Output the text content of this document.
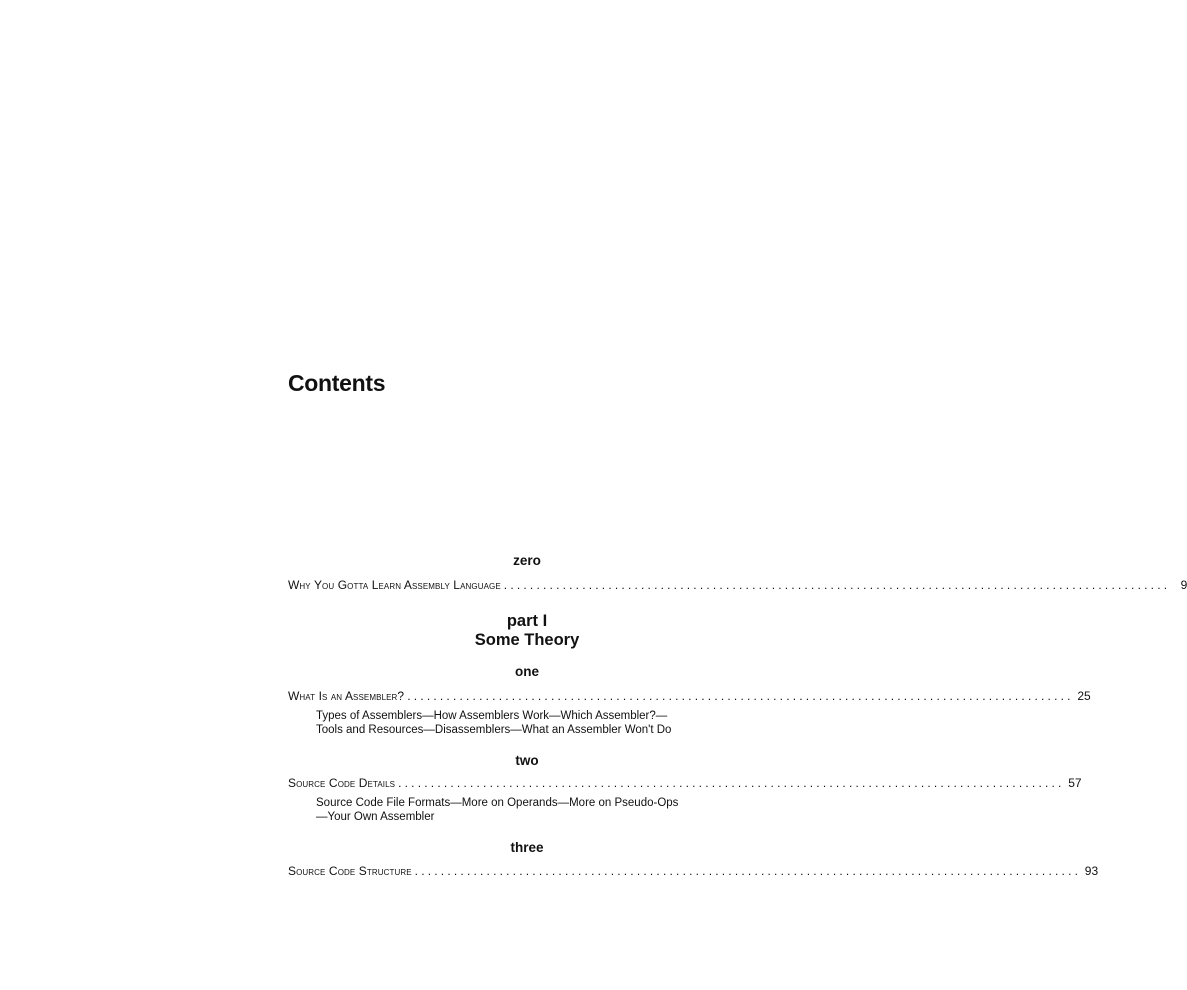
Contents
zero
Why You Gotta Learn Assembly Language ...................................................................................................... 9
part I
Some Theory
one
What Is an Assembler? ...................................................................................................... 25
Types of Assemblers—How Assemblers Work—Which Assembler?—Tools and Resources—Disassemblers—What an Assembler Won't Do
two
Source Code Details ...................................................................................................... 57
Source Code File Formats—More on Operands—More on Pseudo-Ops—Your Own Assembler
three
Source Code Structure ...................................................................................................... 93
